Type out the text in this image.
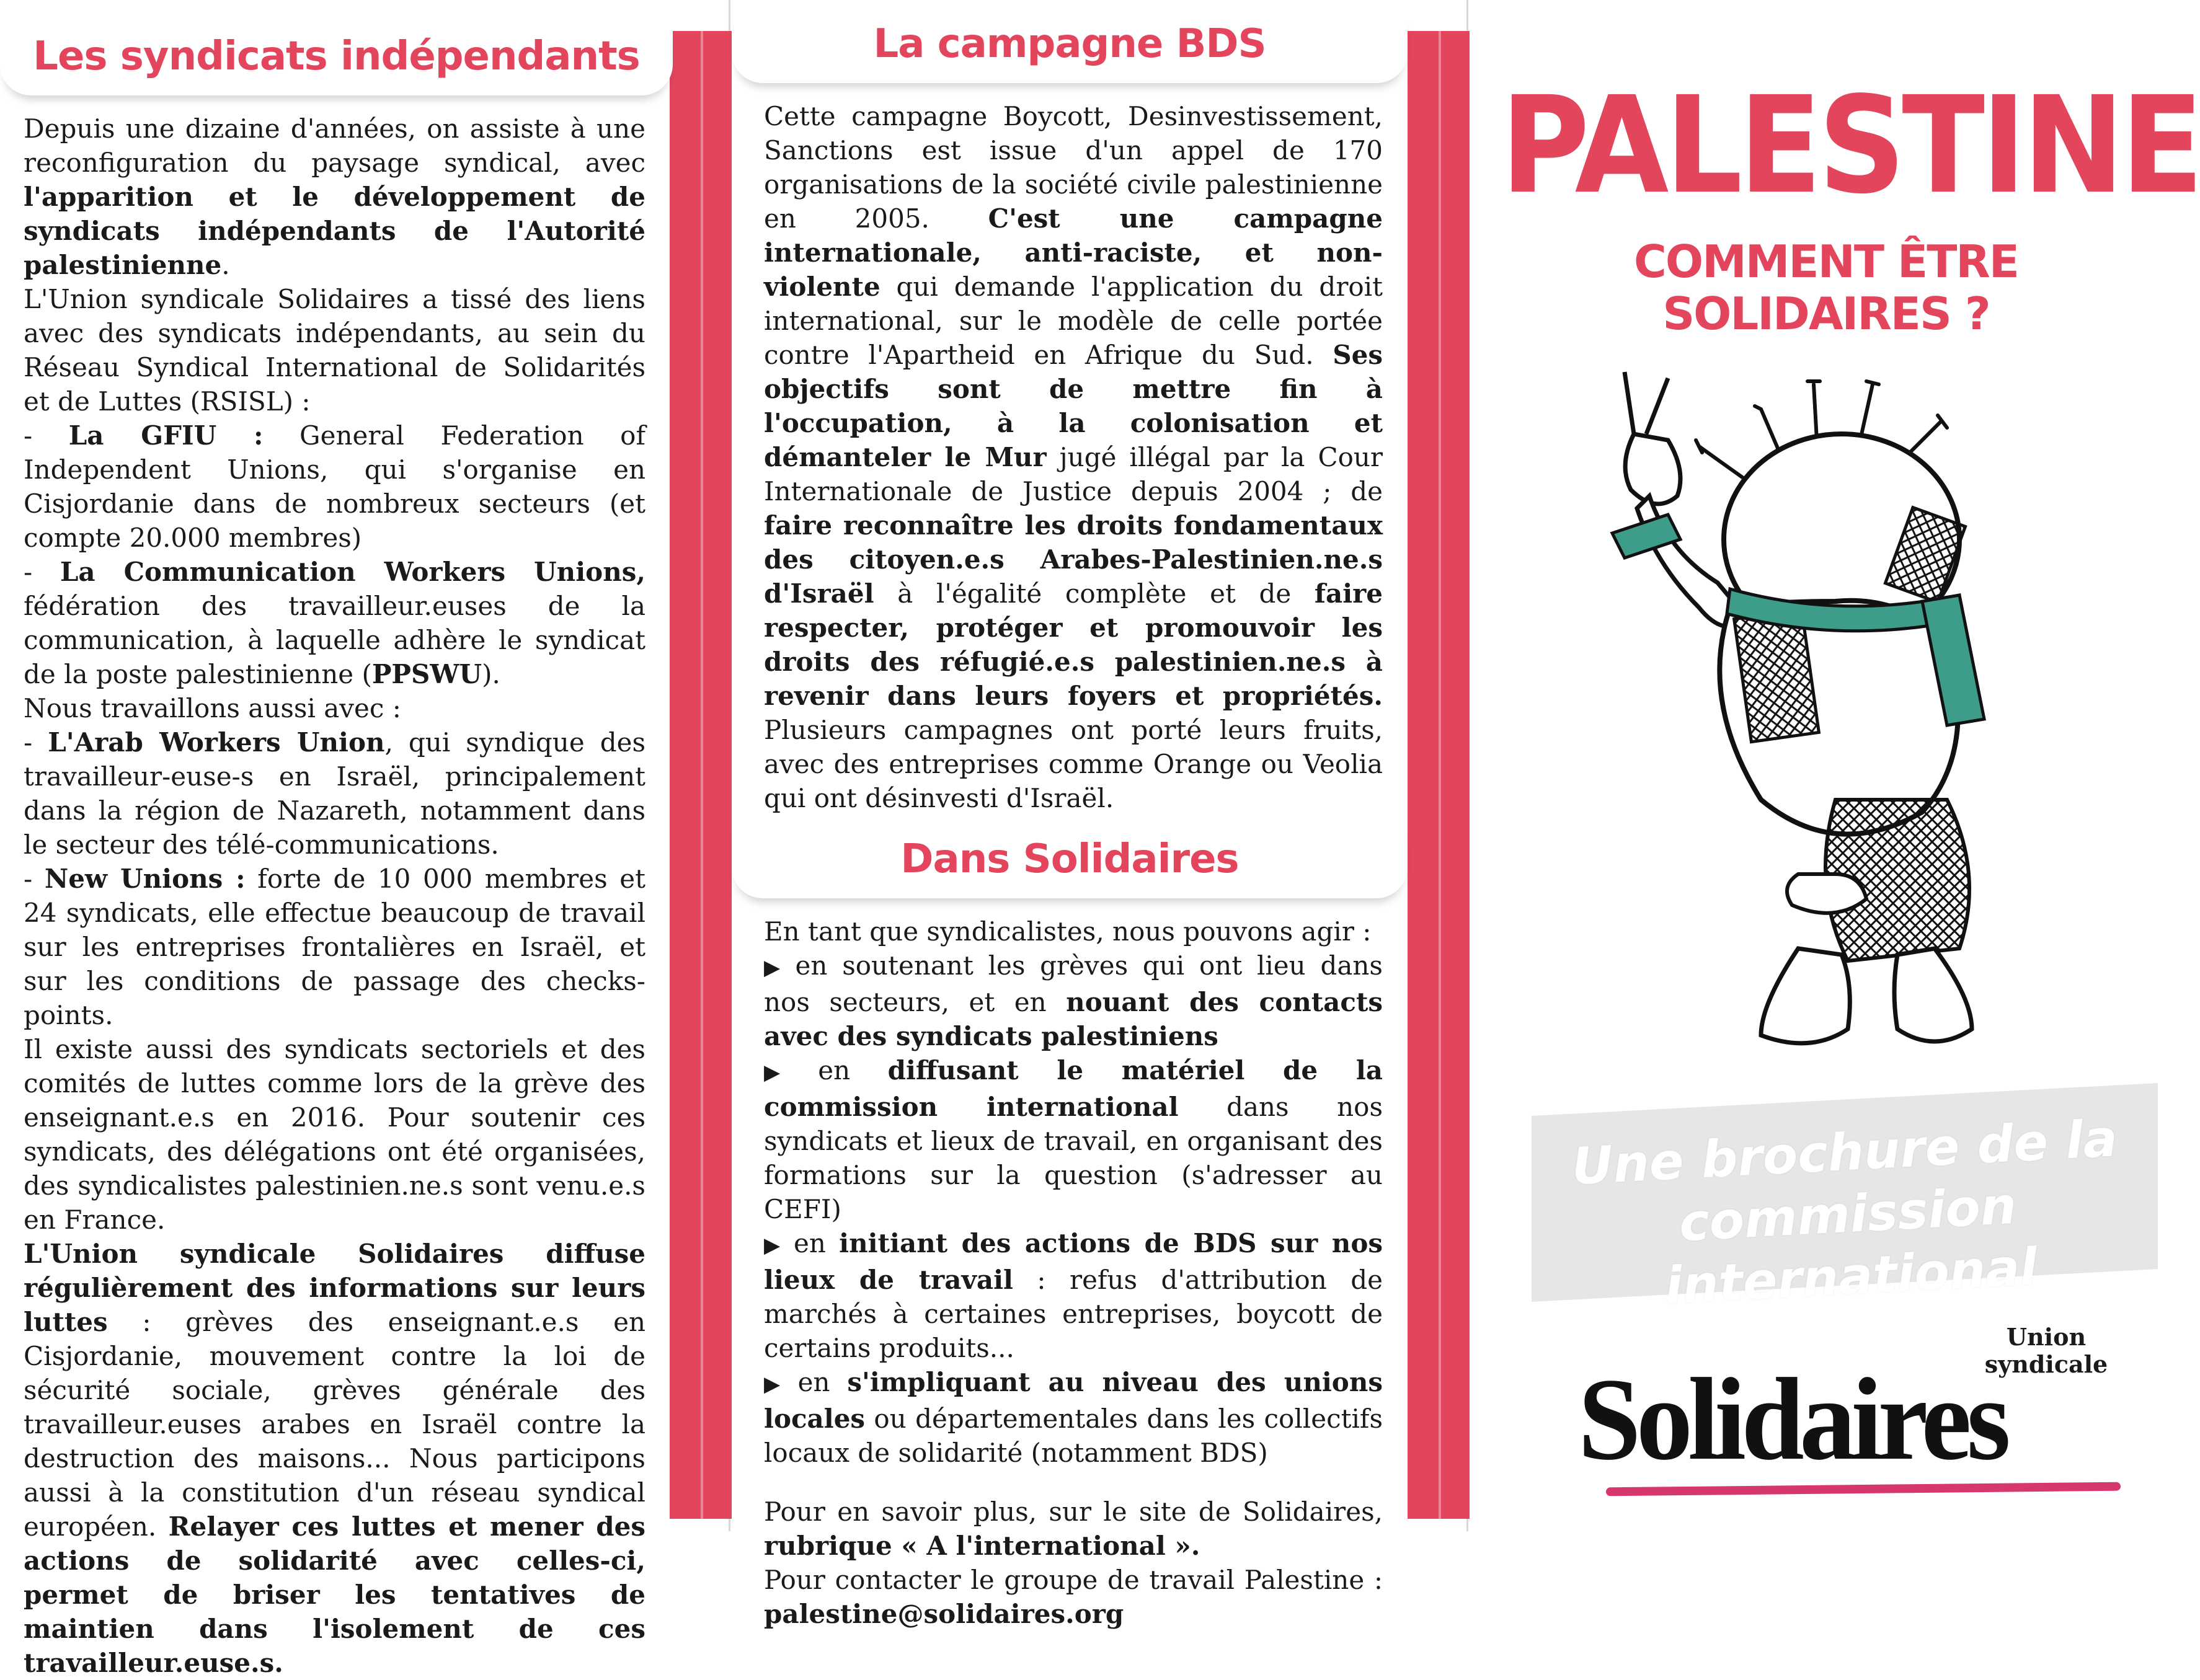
Les syndicats indépendants

Depuis une dizaine d'années, on assiste à une reconfiguration du paysage syndical, avec l'apparition et le développement de syndicats indépendants de l'Autorité palestinienne.

L'Union syndicale Solidaires a tissé des liens avec des syndicats indépendants, au sein du Réseau Syndical International de Solidarités et de Luttes (RSISL) :

- La GFIU : General Federation of Independent Unions, qui s'organise en Cisjordanie dans de nombreux secteurs (et compte 20.000 membres)

- La Communication Workers Unions, fédération des travailleur.euses de la communication, à laquelle adhère le syndicat de la poste palestinienne (PPSWU).

Nous travaillons aussi avec :

- L'Arab Workers Union, qui syndique des travailleur-euse-s en Israël, principalement dans la région de Nazareth, notamment dans le secteur des télé-communications.

- New Unions : forte de 10 000 membres et 24 syndicats, elle effectue beaucoup de travail sur les entreprises frontalières en Israël, et sur les conditions de passage des checks-points.

Il existe aussi des syndicats sectoriels et des comités de luttes comme lors de la grève des enseignant.e.s en 2016. Pour soutenir ces syndicats, des délégations ont été organisées, des syndicalistes palestinien.ne.s sont venu.e.s en France.

L'Union syndicale Solidaires diffuse régulièrement des informations sur leurs luttes : grèves des enseignant.e.s en Cisjordanie, mouvement contre la loi de sécurité sociale, grèves générale des travailleur.euses arabes en Israël contre la destruction des maisons... Nous participons aussi à la constitution d'un réseau syndical européen. Relayer ces luttes et mener des actions de solidarité avec celles-ci, permet de briser les tentatives de maintien dans l'isolement de ces travailleur.euse.s.

La campagne BDS

Cette campagne Boycott, Desinvestissement, Sanctions est issue d'un appel de 170 organisations de la société civile palestinienne en 2005. C'est une campagne internationale, anti-raciste, et non-violente qui demande l'application du droit international, sur le modèle de celle portée contre l'Apartheid en Afrique du Sud. Ses objectifs sont de mettre fin à l'occupation, à la colonisation et démanteler le Mur jugé illégal par la Cour Internationale de Justice depuis 2004 ; de faire reconnaître les droits fondamentaux des citoyen.e.s Arabes-Palestinien.ne.s d'Israël à l'égalité complète et de faire respecter, protéger et promouvoir les droits des réfugié.e.s palestinien.ne.s à revenir dans leurs foyers et propriétés. Plusieurs campagnes ont porté leurs fruits, avec des entreprises comme Orange ou Veolia qui ont désinvesti d'Israël.

Dans Solidaires

En tant que syndicalistes, nous pouvons agir :

▶ en soutenant les grèves qui ont lieu dans nos secteurs, et en nouant des contacts avec des syndicats palestiniens

▶ en diffusant le matériel de la commission international dans nos syndicats et lieux de travail, en organisant des formations sur la question (s'adresser au CEFI)

▶ en initiant des actions de BDS sur nos lieux de travail : refus d'attribution de marchés à certaines entreprises, boycott de certains produits...

▶ en s'impliquant au niveau des unions locales ou départementales dans les collectifs locaux de solidarité (notamment BDS)

Pour en savoir plus, sur le site de Solidaires, rubrique « A l'international ».

Pour contacter le groupe de travail Palestine : palestine@solidaires.org

PALESTINE
COMMENT ÊTRE SOLIDAIRES ?
Une brochure de la
commission international
Union
syndicale
Solidaires
